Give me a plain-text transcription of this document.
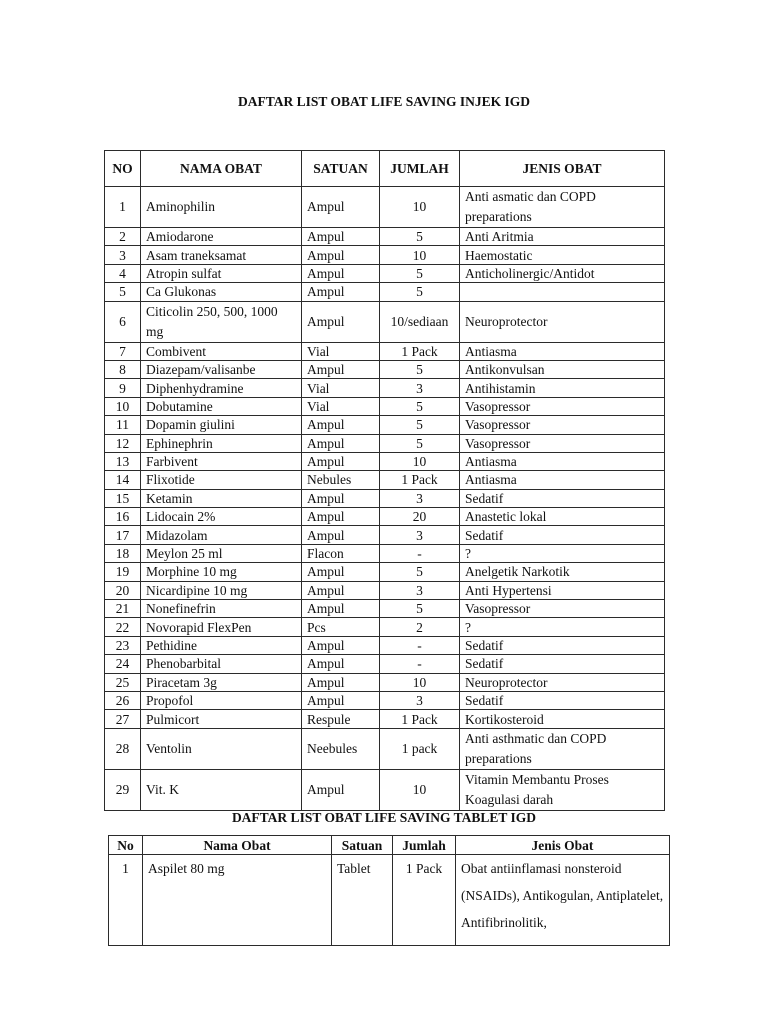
DAFTAR LIST OBAT LIFE SAVING INJEK IGD
NO	NAMA OBAT	SATUAN	JUMLAH	JENIS OBAT
1	Aminophilin	Ampul	10	Anti asmatic dan COPD preparations
2	Amiodarone	Ampul	5	Anti Aritmia
3	Asam traneksamat	Ampul	10	Haemostatic
4	Atropin sulfat	Ampul	5	Anticholinergic/Antidot
5	Ca Glukonas	Ampul	5	
6	Citicolin 250, 500, 1000 mg	Ampul	10/sediaan	Neuroprotector
7	Combivent	Vial	1 Pack	Antiasma
8	Diazepam/valisanbe	Ampul	5	Antikonvulsan
9	Diphenhydramine	Vial	3	Antihistamin
10	Dobutamine	Vial	5	Vasopressor
11	Dopamin giulini	Ampul	5	Vasopressor
12	Ephinephrin	Ampul	5	Vasopressor
13	Farbivent	Ampul	10	Antiasma
14	Flixotide	Nebules	1 Pack	Antiasma
15	Ketamin	Ampul	3	Sedatif
16	Lidocain 2%	Ampul	20	Anastetic lokal
17	Midazolam	Ampul	3	Sedatif
18	Meylon 25 ml	Flacon	-	?
19	Morphine 10 mg	Ampul	5	Anelgetik Narkotik
20	Nicardipine 10 mg	Ampul	3	Anti Hypertensi
21	Nonefinefrin	Ampul	5	Vasopressor
22	Novorapid FlexPen	Pcs	2	?
23	Pethidine	Ampul	-	Sedatif
24	Phenobarbital	Ampul	-	Sedatif
25	Piracetam 3g	Ampul	10	Neuroprotector
26	Propofol	Ampul	3	Sedatif
27	Pulmicort	Respule	1 Pack	Kortikosteroid
28	Ventolin	Neebules	1 pack	Anti asthmatic dan COPD preparations
29	Vit. K	Ampul	10	Vitamin Membantu Proses Koagulasi darah
DAFTAR LIST OBAT LIFE SAVING TABLET IGD
No	Nama Obat	Satuan	Jumlah	Jenis Obat
1	Aspilet 80 mg	Tablet	1 Pack	Obat antiinflamasi nonsteroid (NSAIDs), Antikogulan, Antiplatelet, Antifibrinolitik,
